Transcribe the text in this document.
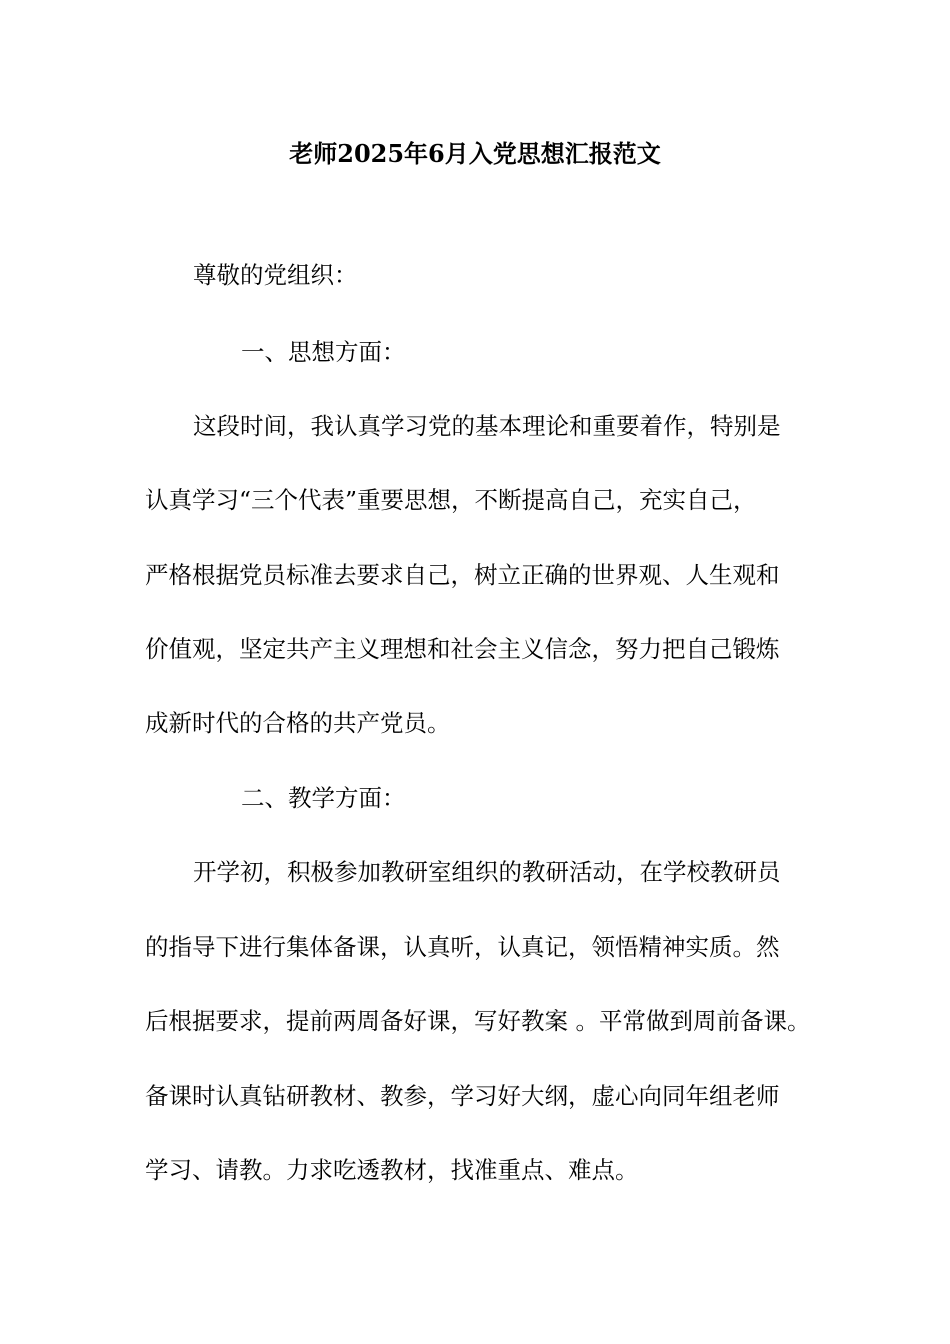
老师2025年6月入党思想汇报范文
尊敬的党组织：
一、思想方面：
这段时间，我认真学习党的基本理论和重要着作，特别是
认真学习“三个代表”重要思想，不断提高自己，充实自己，
严格根据党员标准去要求自己，树立正确的世界观、人生观和
价值观，坚定共产主义理想和社会主义信念，努力把自己锻炼
成新时代的合格的共产党员。
二、教学方面：
开学初，积极参加教研室组织的教研活动，在学校教研员
的指导下进行集体备课，认真听，认真记，领悟精神实质。然
后根据要求，提前两周备好课，写好教案 。平常做到周前备课。
备课时认真钻研教材、教参，学习好大纲，虚心向同年组老师
学习、请教。力求吃透教材，找准重点、难点。
